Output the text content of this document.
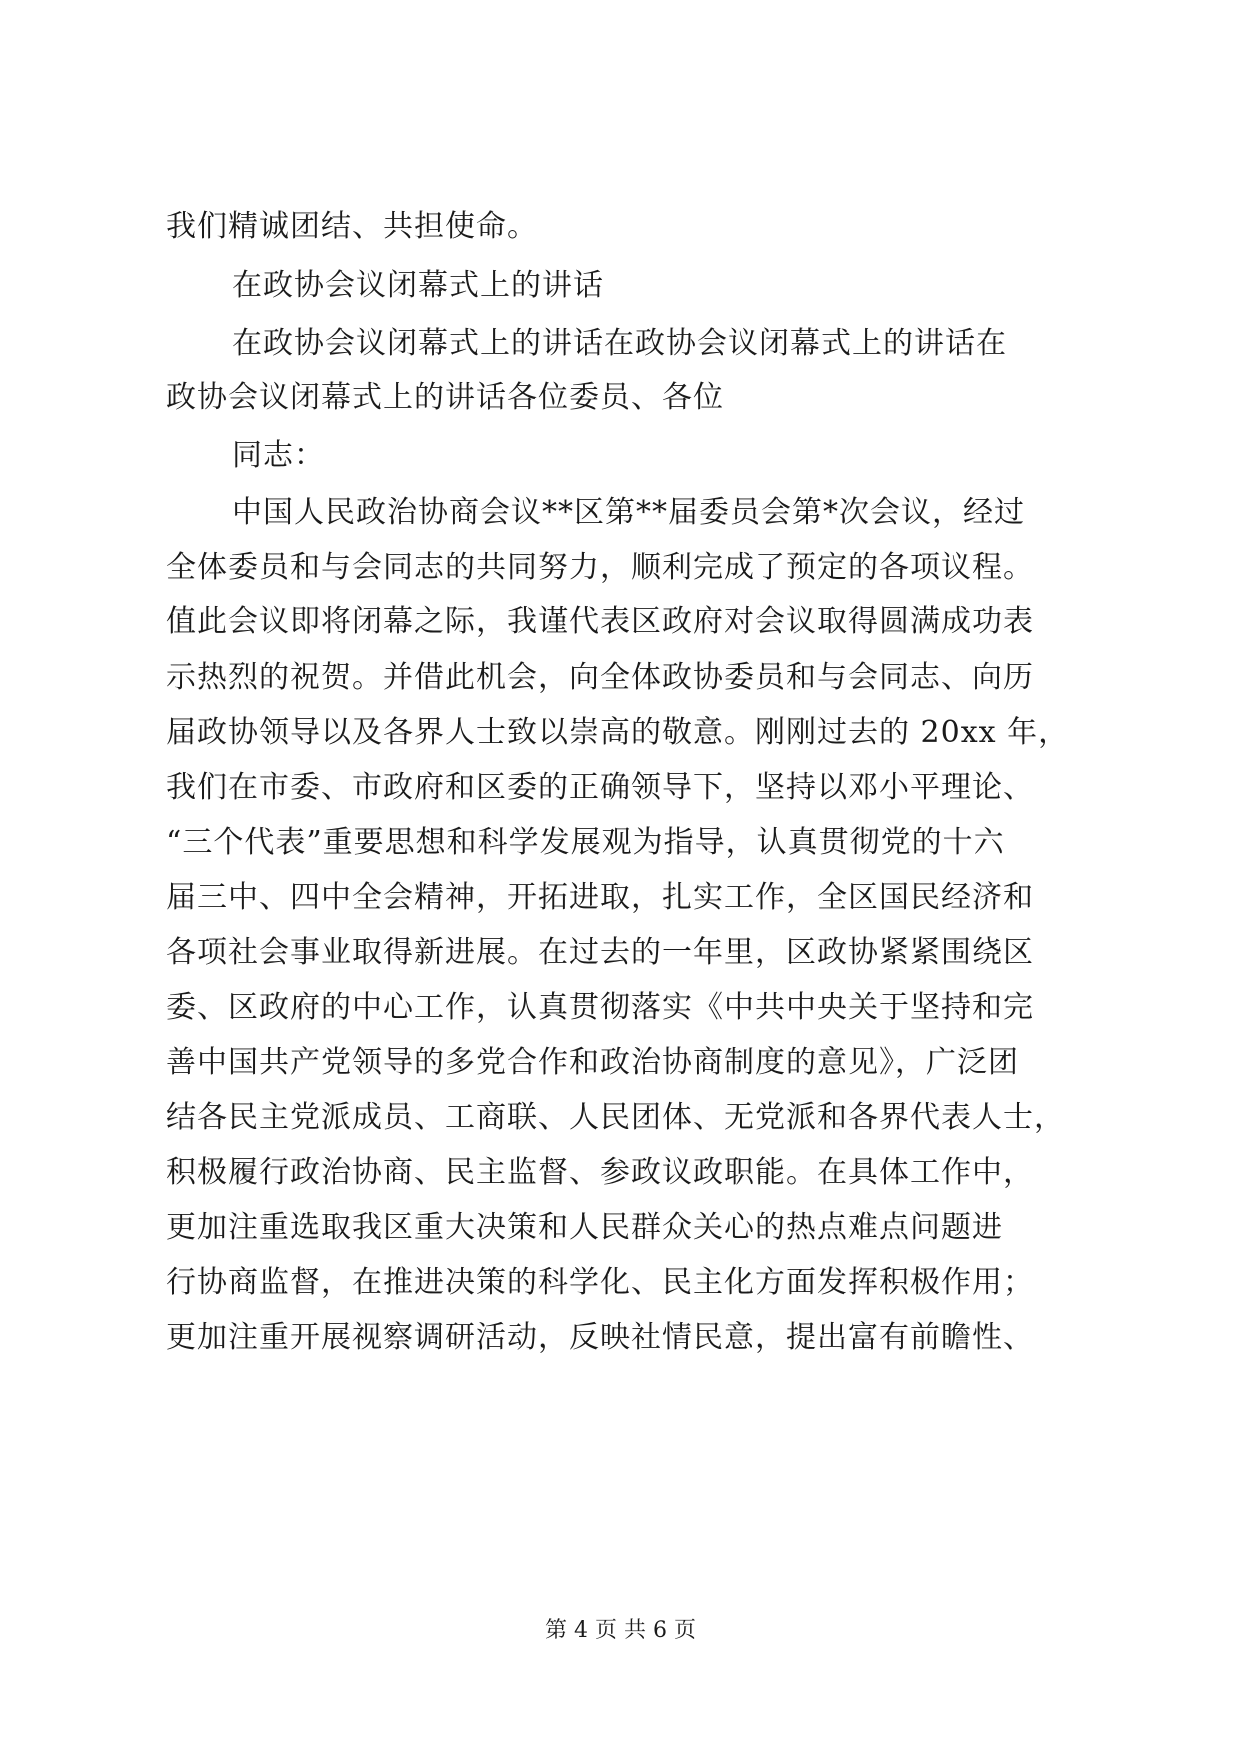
我们精诚团结、共担使命。
在政协会议闭幕式上的讲话
在政协会议闭幕式上的讲话在政协会议闭幕式上的讲话在
政协会议闭幕式上的讲话各位委员、各位
同志：
中国人民政治协商会议**区第**届委员会第*次会议，经过
全体委员和与会同志的共同努力，顺利完成了预定的各项议程。
值此会议即将闭幕之际，我谨代表区政府对会议取得圆满成功表
示热烈的祝贺。并借此机会，向全体政协委员和与会同志、向历
届政协领导以及各界人士致以崇高的敬意。刚刚过去的 20xx 年，
我们在市委、市政府和区委的正确领导下，坚持以邓小平理论、
“三个代表”重要思想和科学发展观为指导，认真贯彻党的十六
届三中、四中全会精神，开拓进取，扎实工作，全区国民经济和
各项社会事业取得新进展。在过去的一年里，区政协紧紧围绕区
委、区政府的中心工作，认真贯彻落实《中共中央关于坚持和完
善中国共产党领导的多党合作和政治协商制度的意见》，广泛团
结各民主党派成员、工商联、人民团体、无党派和各界代表人士，
积极履行政治协商、民主监督、参政议政职能。在具体工作中，
更加注重选取我区重大决策和人民群众关心的热点难点问题进
行协商监督，在推进决策的科学化、民主化方面发挥积极作用；
更加注重开展视察调研活动，反映社情民意，提出富有前瞻性、
第 4 页 共 6 页
